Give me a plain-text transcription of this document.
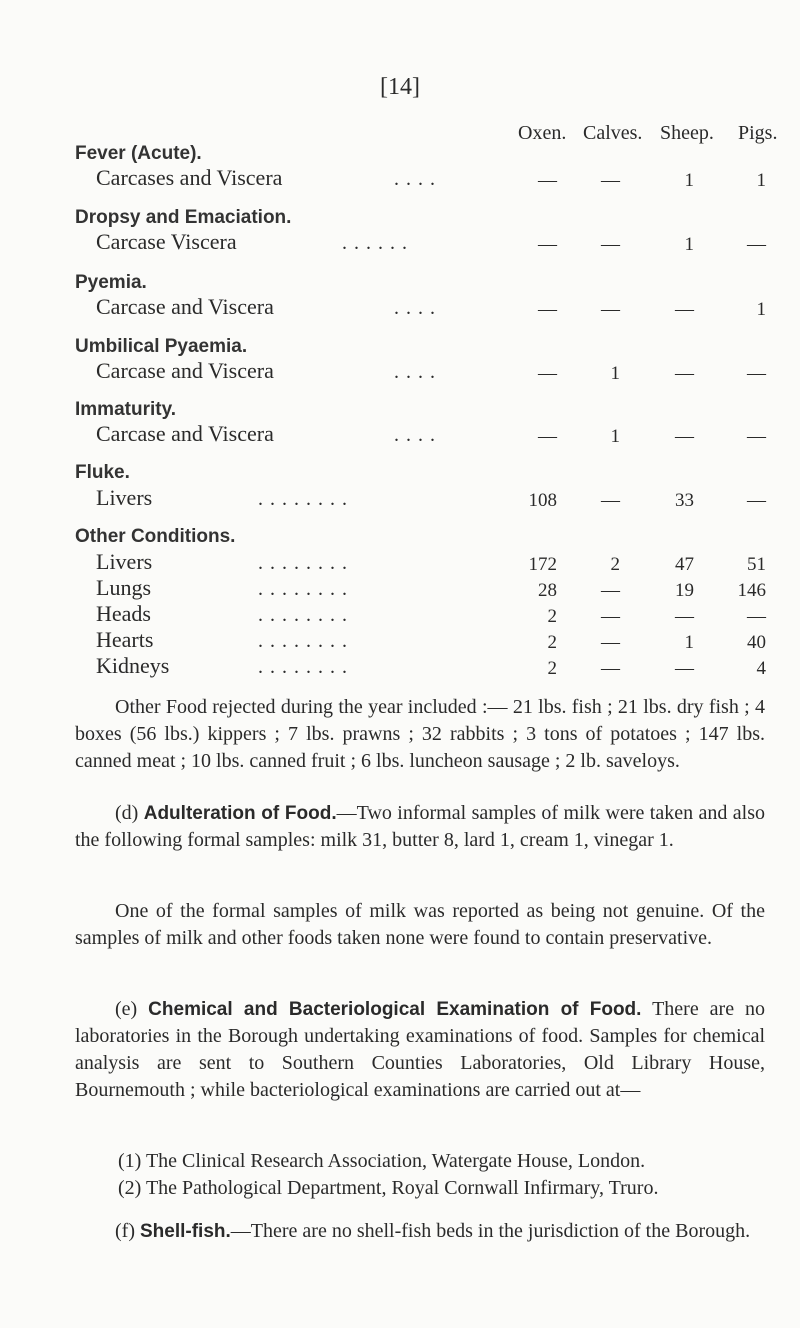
[14]
Oxen. Calves. Sheep. Pigs.
Fever (Acute).
Carcases and Viscera	. . . .	—	—	1	1
Dropsy and Emaciation.
Carcase Viscera	. . . . . .	—	—	1	—
Pyemia.
Carcase and Viscera	. . . .	—	—	—	1
Umbilical Pyaemia.
Carcase and Viscera	. . . .	—	1	—	—
Immaturity.
Carcase and Viscera	. . . .	—	1	—	—
Fluke.
Livers	. . . . . . . .	108	—	33	—
Other Conditions.
Livers	. . . . . . . .	172	2	47	51
Lungs	. . . . . . . .	28	—	19	146
Heads	. . . . . . . .	2	—	—	—
Hearts	. . . . . . . .	2	—	1	40
Kidneys	. . . . . . . .	2	—	—	4

Other Food rejected during the year included :— 21 lbs. fish ; 21 lbs. dry fish ; 4 boxes (56 lbs.) kippers ; 7 lbs. prawns ; 32 rabbits ; 3 tons of potatoes ; 147 lbs. canned meat ; 10 lbs. canned fruit ; 6 lbs. luncheon sausage ; 2 lb. saveloys.

(d) Adulteration of Food.—Two informal samples of milk were taken and also the following formal samples: milk 31, butter 8, lard 1, cream 1, vinegar 1.

One of the formal samples of milk was reported as being not genuine. Of the samples of milk and other foods taken none were found to contain preservative.

(e) Chemical and Bacteriological Examination of Food. There are no laboratories in the Borough undertaking examinations of food. Samples for chemical analysis are sent to Southern Counties Laboratories, Old Library House, Bournemouth ; while bacteriological examinations are carried out at—

(1) The Clinical Research Association, Watergate House, London.

(2) The Pathological Department, Royal Cornwall Infirmary, Truro.

(f) Shell-fish.—There are no shell-fish beds in the jurisdiction of the Borough.
